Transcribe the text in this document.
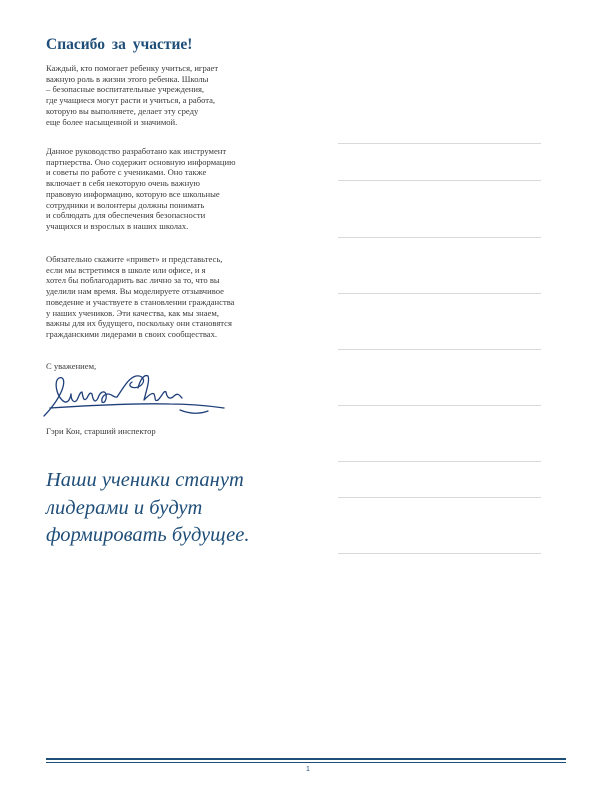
Спасибо за участие!
Каждый, кто помогает ребенку учиться, играет
важную роль в жизни этого ребенка. Школы
– безопасные воспитательные учреждения,
где учащиеся могут расти и учиться, а работа,
которую вы выполняете, делает эту среду
еще более насыщенной и значимой.
Данное руководство разработано как инструмент
партнерства. Оно содержит основную информацию
и советы по работе с учениками. Оно также
включает в себя некоторую очень важную
правовую информацию, которую все школьные
сотрудники и волонтеры должны понимать
и соблюдать для обеспечения безопасности
учащихся и взрослых в наших школах.
Обязательно скажите «привет» и представьтесь,
если мы встретимся в школе или офисе, и я
хотел бы поблагодарить вас лично за то, что вы
уделили нам время. Вы моделируете отзывчивое
поведение и участвуете в становлении гражданства
у наших учеников. Эти качества, как мы знаем,
важны для их будущего, поскольку они становятся
гражданскими лидерами в своих сообществах.

С уважением,

Гэри Кон, старший инспектор

Наши ученики станут
лидерами и будут
формировать будущее.
1
